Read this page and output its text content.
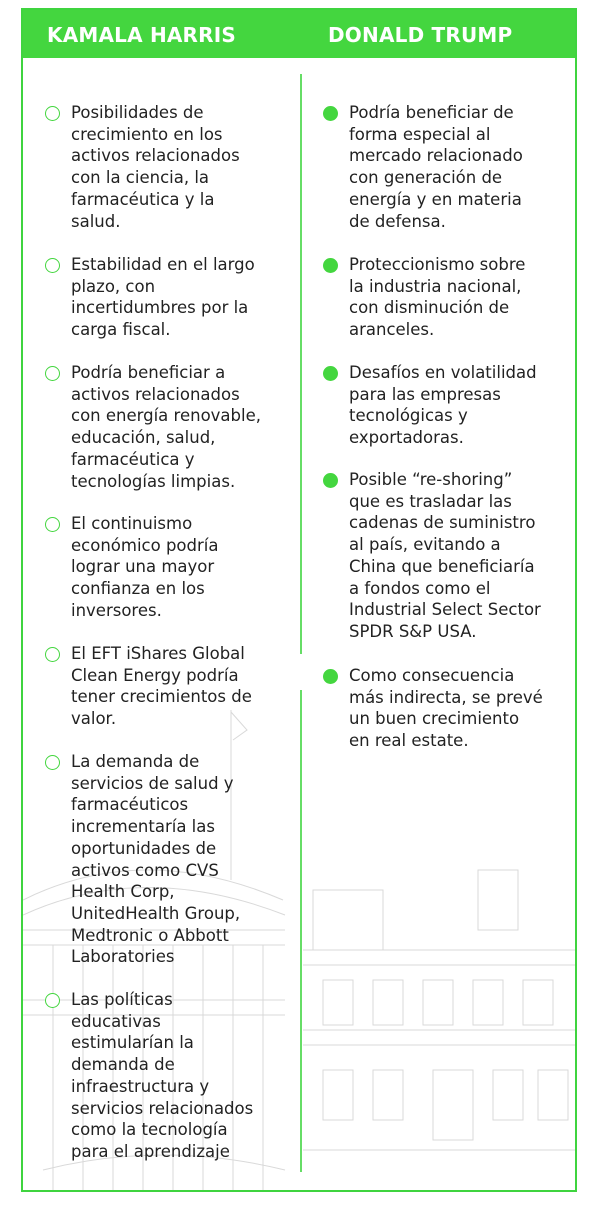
KAMALA HARRIS	DONALD TRUMP
Posibilidades de
crecimiento en los
activos relacionados
con la ciencia, la
farmacéutica y la
salud.
Estabilidad en el largo
plazo, con
incertidumbres por la
carga fiscal.
Podría beneficiar a
activos relacionados
con energía renovable,
educación, salud,
farmacéutica y
tecnologías limpias.
El continuismo
económico podría
lograr una mayor
confianza en los
inversores.
El EFT iShares Global
Clean Energy podría
tener crecimientos de
valor.
La demanda de
servicios de salud y
farmacéuticos
incrementaría las
oportunidades de
activos como CVS
Health Corp,
UnitedHealth Group,
Medtronic o Abbott
Laboratories
Las políticas
educativas
estimularían la
demanda de
infraestructura y
servicios relacionados
como la tecnología
para el aprendizaje
Podría beneficiar de
forma especial al
mercado relacionado
con generación de
energía y en materia
de defensa.
Proteccionismo sobre
la industria nacional,
con disminución de
aranceles.
Desafíos en volatilidad
para las empresas
tecnológicas y
exportadoras.
Posible “re-shoring”
que es trasladar las
cadenas de suministro
al país, evitando a
China que beneficiaría
a fondos como el
Industrial Select Sector
SPDR S&P USA.
Como consecuencia
más indirecta, se prevé
un buen crecimiento
en real estate.
